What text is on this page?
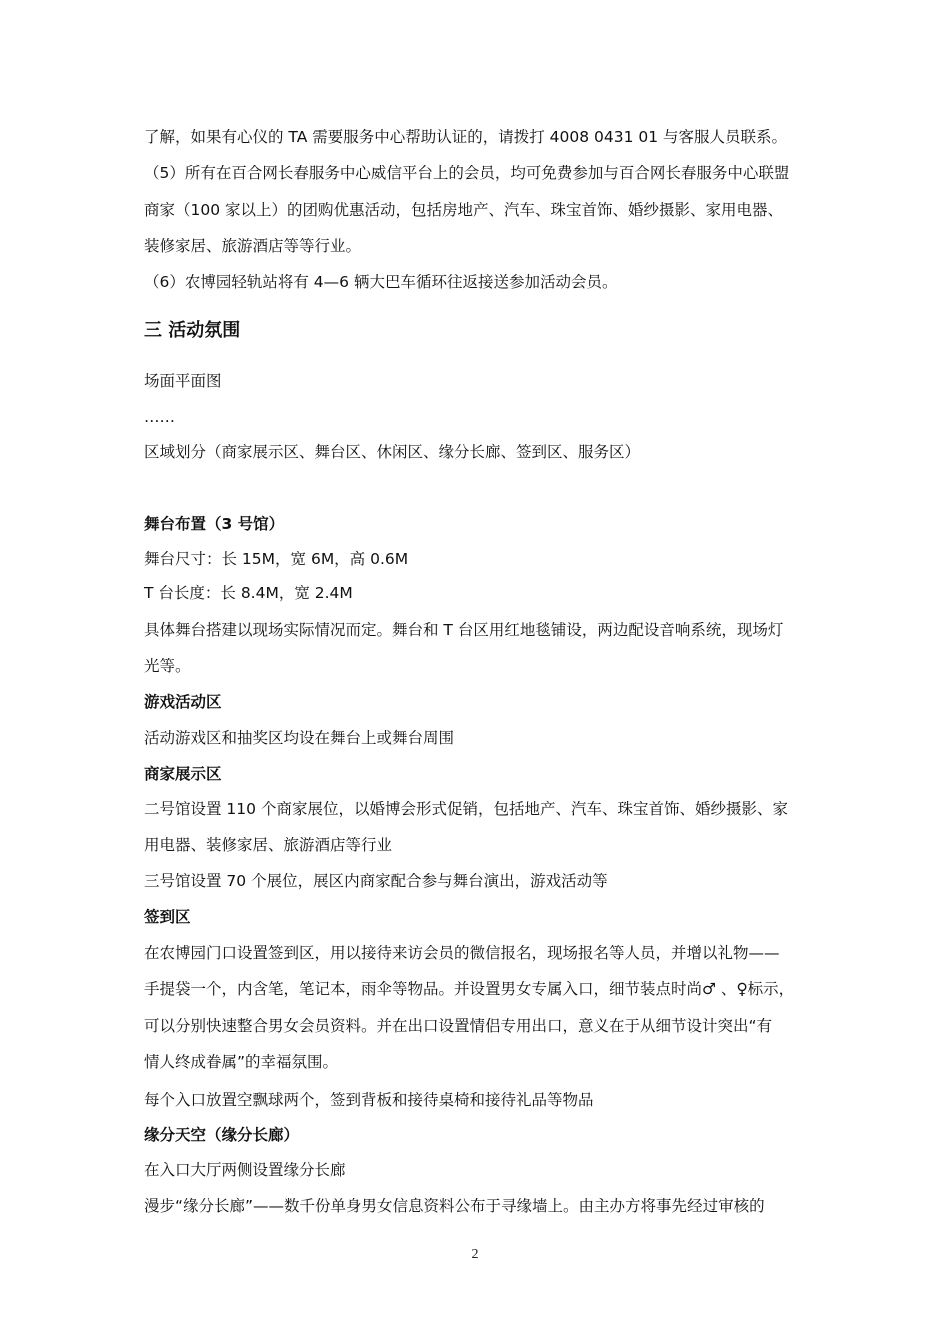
了解，如果有心仪的 TA 需要服务中心帮助认证的，请拨打 4008 0431 01 与客服人员联系。
（5）所有在百合网长春服务中心威信平台上的会员，均可免费参加与百合网长春服务中心联盟
商家（100 家以上）的团购优惠活动，包括房地产、汽车、珠宝首饰、婚纱摄影、家用电器、
装修家居、旅游酒店等等行业。
（6）农博园轻轨站将有 4—6 辆大巴车循环往返接送参加活动会员。
三 活动氛围
场面平面图
……
区域划分（商家展示区、舞台区、休闲区、缘分长廊、签到区、服务区）
舞台布置（3 号馆）
舞台尺寸：长 15M，宽 6M，高 0.6M
T 台长度：长 8.4M，宽 2.4M
具体舞台搭建以现场实际情况而定。舞台和 T 台区用红地毯铺设，两边配设音响系统，现场灯
光等。
游戏活动区
活动游戏区和抽奖区均设在舞台上或舞台周围
商家展示区
二号馆设置 110 个商家展位，以婚博会形式促销，包括地产、汽车、珠宝首饰、婚纱摄影、家
用电器、装修家居、旅游酒店等行业
三号馆设置 70 个展位，展区内商家配合参与舞台演出，游戏活动等
签到区
在农博园门口设置签到区，用以接待来访会员的微信报名，现场报名等人员，并增以礼物——
手提袋一个，内含笔，笔记本，雨伞等物品。并设置男女专属入口，细节装点时尚♂ 、♀标示，
可以分别快速整合男女会员资料。并在出口设置情侣专用出口，意义在于从细节设计突出“有
情人终成眷属”的幸福氛围。
每个入口放置空飘球两个，签到背板和接待桌椅和接待礼品等物品
缘分天空（缘分长廊）
在入口大厅两侧设置缘分长廊
漫步“缘分长廊”——数千份单身男女信息资料公布于寻缘墙上。由主办方将事先经过审核的
2
